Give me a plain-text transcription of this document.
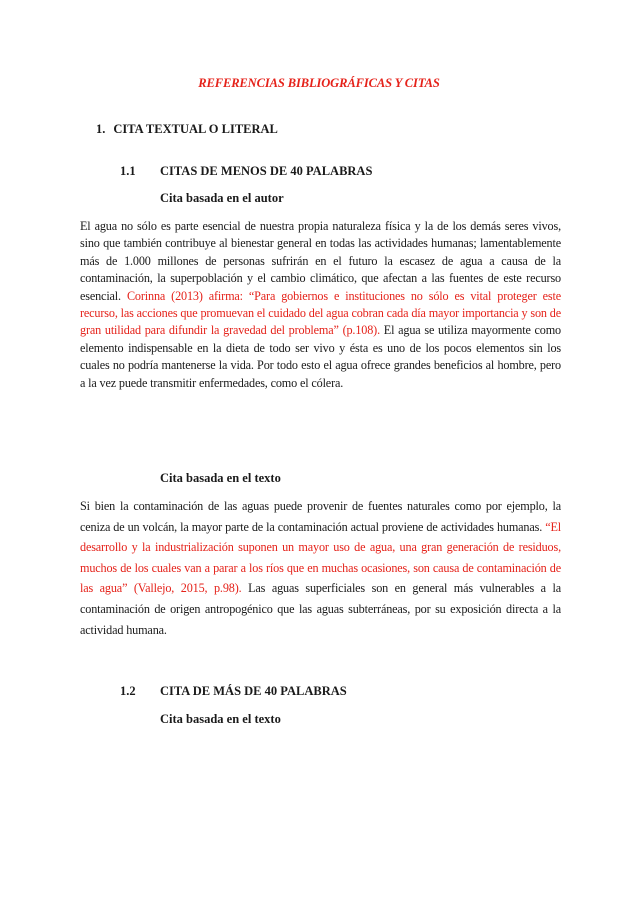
REFERENCIAS BIBLIOGRÁFICAS Y CITAS
1. CITA TEXTUAL O LITERAL
1.1 CITAS DE MENOS DE 40 PALABRAS
Cita basada en el autor
El agua no sólo es parte esencial de nuestra propia naturaleza física y la de los demás seres vivos, sino que también contribuye al bienestar general en todas las actividades humanas; lamentablemente más de 1.000 millones de personas sufrirán en el futuro la escasez de agua a causa de la contaminación, la superpoblación y el cambio climático, que afectan a las fuentes de este recurso esencial. Corinna (2013) afirma: “Para gobiernos e instituciones no sólo es vital proteger este recurso, las acciones que promuevan el cuidado del agua cobran cada día mayor importancia y son de gran utilidad para difundir la gravedad del problema” (p.108). El agua se utiliza mayormente como elemento indispensable en la dieta de todo ser vivo y ésta es uno de los pocos elementos sin los cuales no podría mantenerse la vida. Por todo esto el agua ofrece grandes beneficios al hombre, pero a la vez puede transmitir enfermedades, como el cólera.
Cita basada en el texto
Si bien la contaminación de las aguas puede provenir de fuentes naturales como por ejemplo, la ceniza de un volcán, la mayor parte de la contaminación actual proviene de actividades humanas. “El desarrollo y la industrialización suponen un mayor uso de agua, una gran generación de residuos, muchos de los cuales van a parar a los ríos que en muchas ocasiones, son causa de contaminación de las agua” (Vallejo, 2015, p.98). Las aguas superficiales son en general más vulnerables a la contaminación de origen antropogénico que las aguas subterráneas, por su exposición directa a la actividad humana.
1.2 CITA DE MÁS DE 40 PALABRAS
Cita basada en el texto
